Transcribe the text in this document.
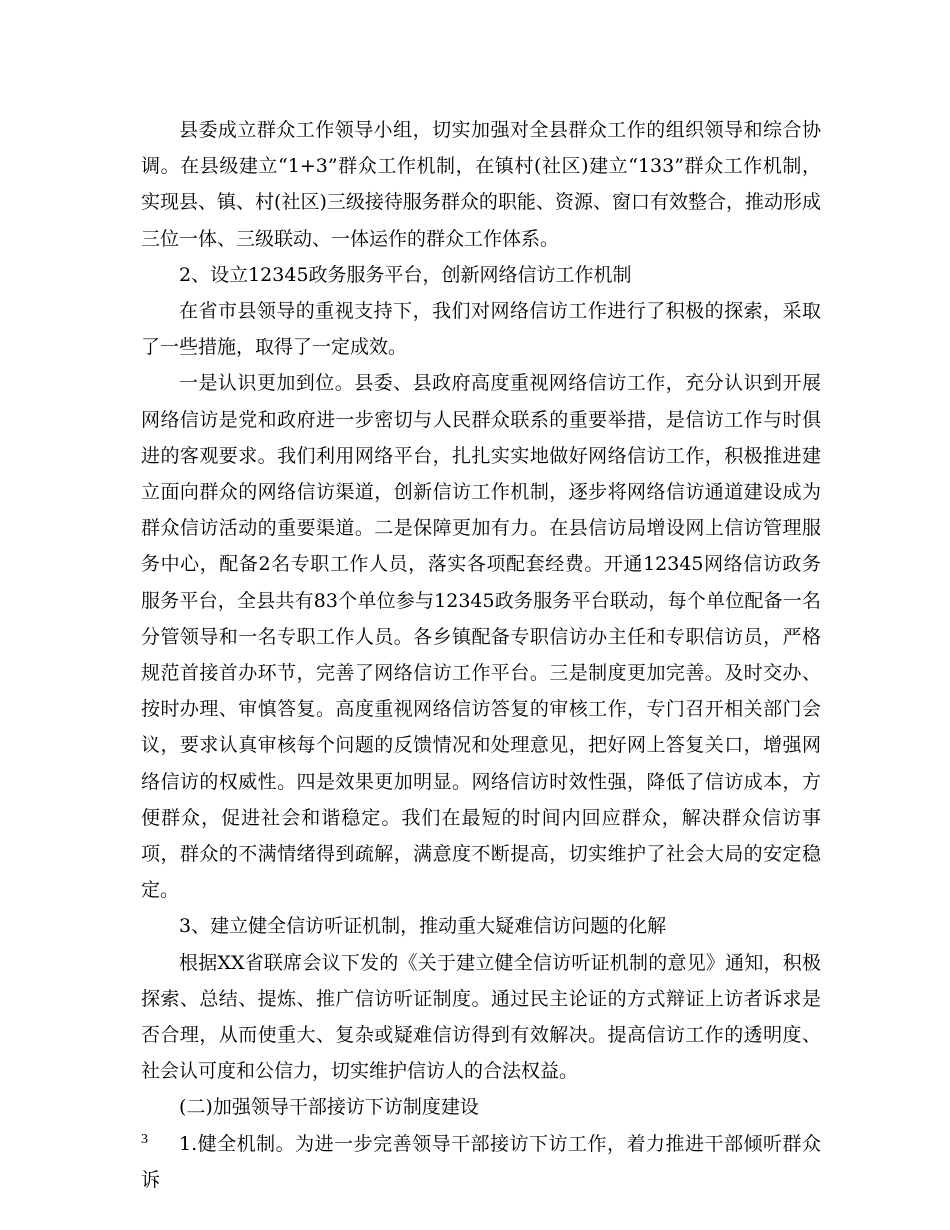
县委成立群众工作领导小组，切实加强对全县群众工作的组织领导和综合协调。在县级建立“1+3”群众工作机制，在镇村(社区)建立“133”群众工作机制，实现县、镇、村(社区)三级接待服务群众的职能、资源、窗口有效整合，推动形成三位一体、三级联动、一体运作的群众工作体系。

2、设立12345政务服务平台，创新网络信访工作机制

在省市县领导的重视支持下，我们对网络信访工作进行了积极的探索，采取了一些措施，取得了一定成效。

一是认识更加到位。县委、县政府高度重视网络信访工作，充分认识到开展网络信访是党和政府进一步密切与人民群众联系的重要举措，是信访工作与时俱进的客观要求。我们利用网络平台，扎扎实实地做好网络信访工作，积极推进建立面向群众的网络信访渠道，创新信访工作机制，逐步将网络信访通道建设成为群众信访活动的重要渠道。二是保障更加有力。在县信访局增设网上信访管理服务中心，配备2名专职工作人员，落实各项配套经费。开通12345网络信访政务服务平台，全县共有83个单位参与12345政务服务平台联动，每个单位配备一名分管领导和一名专职工作人员。各乡镇配备专职信访办主任和专职信访员，严格规范首接首办环节，完善了网络信访工作平台。三是制度更加完善。及时交办、按时办理、审慎答复。高度重视网络信访答复的审核工作，专门召开相关部门会议，要求认真审核每个问题的反馈情况和处理意见，把好网上答复关口，增强网络信访的权威性。四是效果更加明显。网络信访时效性强，降低了信访成本，方便群众，促进社会和谐稳定。我们在最短的时间内回应群众，解决群众信访事项，群众的不满情绪得到疏解，满意度不断提高，切实维护了社会大局的安定稳定。

3、建立健全信访听证机制，推动重大疑难信访问题的化解

根据XX省联席会议下发的《关于建立健全信访听证机制的意见》通知，积极探索、总结、提炼、推广信访听证制度。通过民主论证的方式辩证上访者诉求是否合理，从而使重大、复杂或疑难信访得到有效解决。提高信访工作的透明度、社会认可度和公信力，切实维护信访人的合法权益。

(二)加强领导干部接访下访制度建设

1.健全机制。为进一步完善领导干部接访下访工作，着力推进干部倾听群众诉

3
